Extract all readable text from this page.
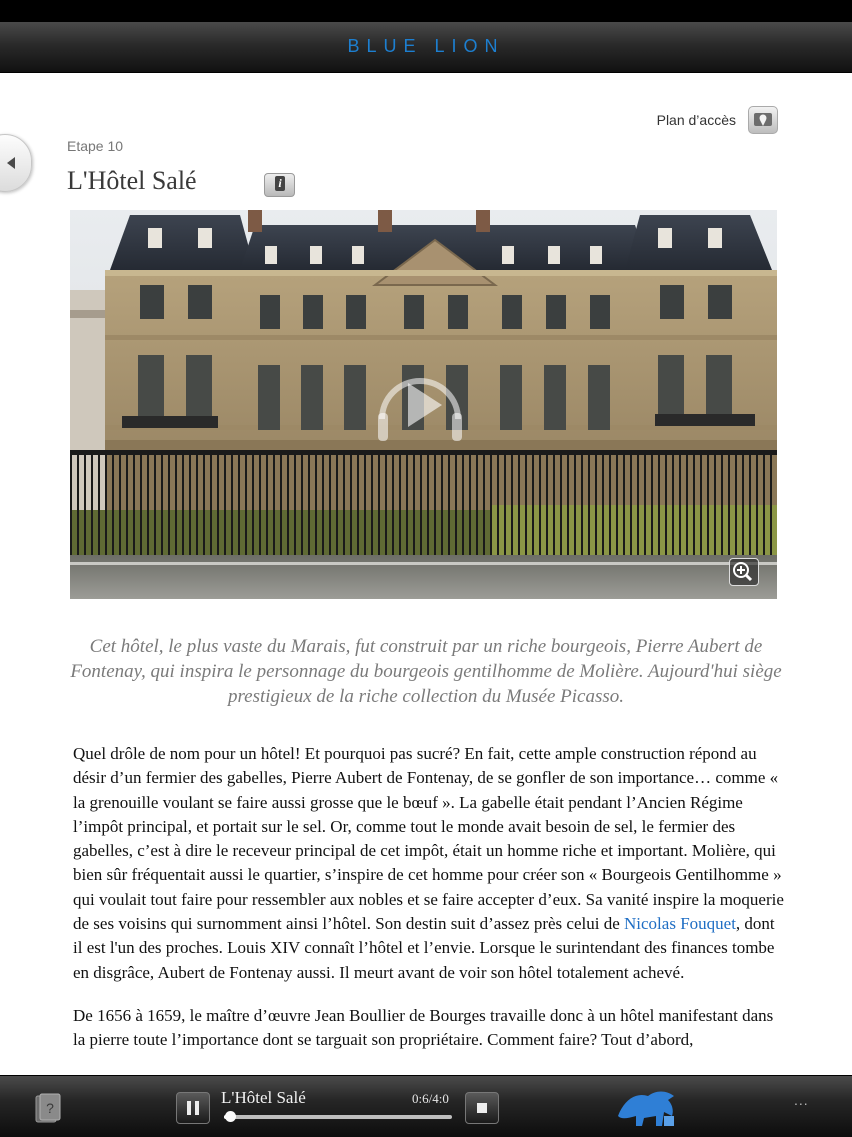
BLUE LION
Plan d’accès
Etape 10
L'Hôtel Salé	i
Cet hôtel, le plus vaste du Marais, fut construit par un riche bourgeois, Pierre Aubert de Fontenay, qui inspira le personnage du bourgeois gentilhomme de Molière. Aujourd'hui siège prestigieux de la riche collection du Musée Picasso.

Quel drôle de nom pour un hôtel! Et pourquoi pas sucré? En fait, cette ample construction répond au désir d’un fermier des gabelles, Pierre Aubert de Fontenay, de se gonfler de son importance… comme « la grenouille voulant se faire aussi grosse que le bœuf ». La gabelle était pendant l’Ancien Régime l’impôt principal, et portait sur le sel. Or, comme tout le monde avait besoin de sel, le fermier des gabelles, c’est à dire le receveur principal de cet impôt, était un homme riche et important. Molière, qui bien sûr fréquentait aussi le quartier, s’inspire de cet homme pour créer son « Bourgeois Gentilhomme » qui voulait tout faire pour ressembler aux nobles et se faire accepter d’eux. Sa vanité inspire la moquerie de ses voisins qui surnomment ainsi l’hôtel. Son destin suit d’assez près celui de Nicolas Fouquet, dont il est l'un des proches. Louis XIV connaît l’hôtel et l’envie. Lorsque le surintendant des finances tombe en disgrâce, Aubert de Fontenay aussi. Il meurt avant de voir son hôtel totalement achevé.

De 1656 à 1659, le maître d’œuvre Jean Boullier de Bourges travaille donc à un hôtel manifestant dans la pierre toute l’importance dont se targuait son propriétaire. Comment faire? Tout d’abord,

?
L'Hôtel Salé	0:6/4:0	...
